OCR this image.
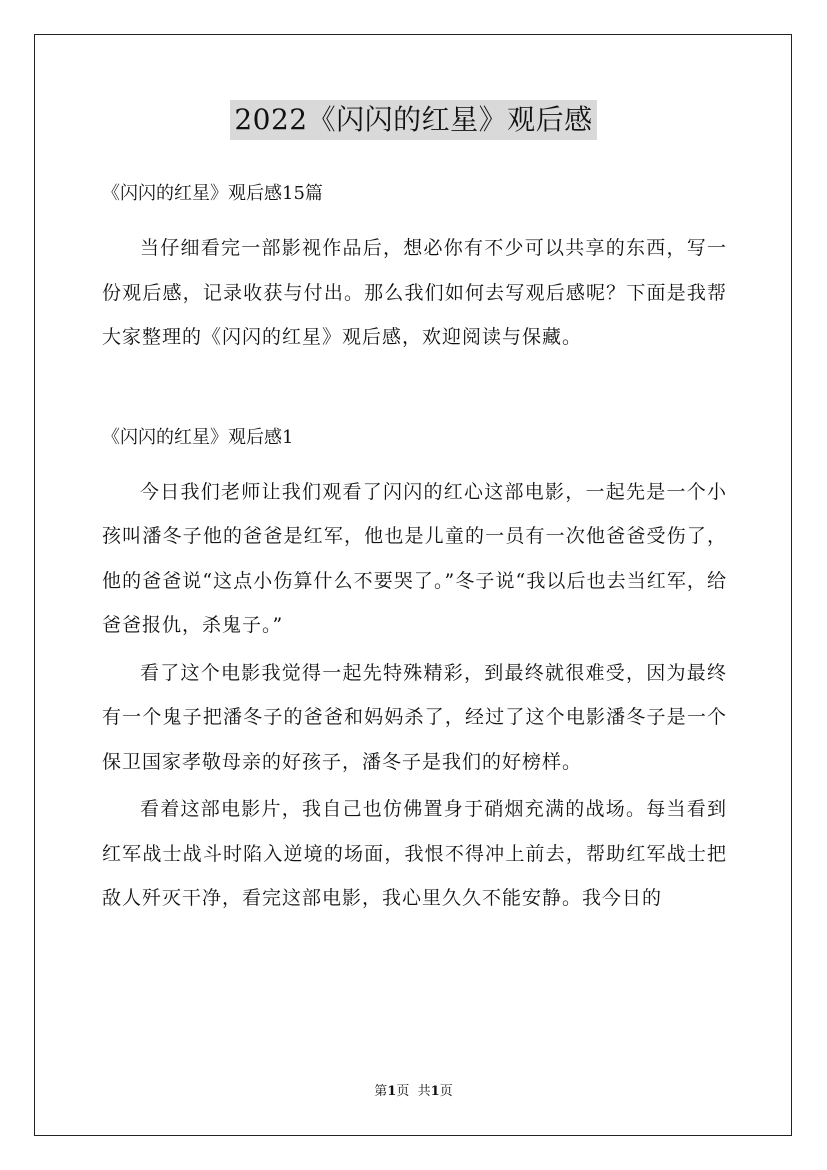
2022《闪闪的红星》观后感

《闪闪的红星》观后感15篇

当仔细看完一部影视作品后，想必你有不少可以共享的东西，写一份观后感，记录收获与付出。那么我们如何去写观后感呢？下面是我帮大家整理的《闪闪的红星》观后感，欢迎阅读与保藏。

《闪闪的红星》观后感1

今日我们老师让我们观看了闪闪的红心这部电影，一起先是一个小孩叫潘冬子他的爸爸是红军，他也是儿童的一员有一次他爸爸受伤了，他的爸爸说“这点小伤算什么不要哭了。”冬子说“我以后也去当红军，给爸爸报仇，杀鬼子。”

看了这个电影我觉得一起先特殊精彩，到最终就很难受，因为最终有一个鬼子把潘冬子的爸爸和妈妈杀了，经过了这个电影潘冬子是一个保卫国家孝敬母亲的好孩子，潘冬子是我们的好榜样。

看着这部电影片，我自己也仿佛置身于硝烟充满的战场。每当看到红军战士战斗时陷入逆境的场面，我恨不得冲上前去，帮助红军战士把敌人歼灭干净，看完这部电影，我心里久久不能安静。我今日的

第1页 共1页
